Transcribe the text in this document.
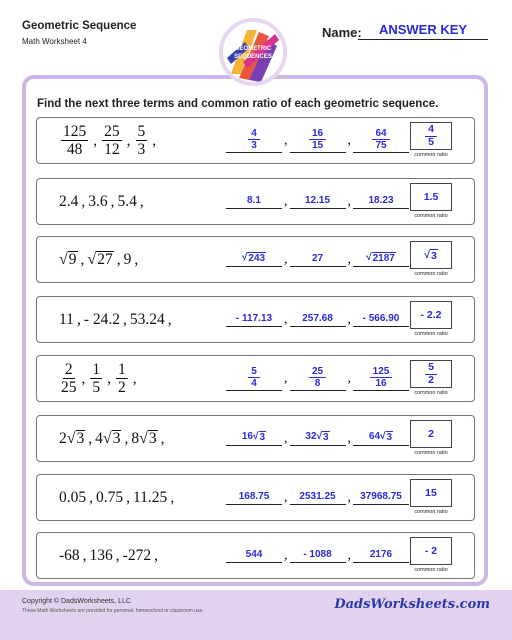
Geometric Sequence
Math Worksheet 4
GEOMETRIC
SEQUENCES
Name:	ANSWER KEY
Find the next three terms and common ratio of each geometric sequence.
$\frac{125}{48}$ , $\frac{25}{12}$ , $\frac{5}{3}$ ,	$\frac{4}{3}$ , $\frac{16}{15}$ , $\frac{64}{75}$	$\frac{4}{5}$
common ratio
2.4 , 3.6 , 5.4 ,	8.1	,	12.15	,	18.23	1.5
common ratio
√ 9 , √ 27 , 9 ,	√ 243 ,	27	, √ 2187	√ 3
common ratio
11 , - 24.2 , 53.24 ,	- 117.13 ,	257.68	,	- 566.90	- 2.2
common ratio
$\frac{2}{25}$ , $\frac{1}{5}$ , $\frac{1}{2}$ ,	$\frac{5}{4}$ , $\frac{25}{8}$ , $\frac{125}{16}$	$\frac{5}{2}$
common ratio
2 √ 3 , 4 √ 3 , 8 √ 3 ,	16 √ 3 ,	32 √ 3 ,	64 √ 3	2
common ratio
0.05 , 0.75 , 11.25 ,	168.75	,	2531.25 , 37968.75	15
common ratio
-68 , 136 , -272 ,	544	,	- 1088	,	2176	- 2
common ratio
Copyright © DadsWorksheets, LLC
These Math Worksheets are provided for personal, homeschool or classroom use.	DadsWorksheets.com
